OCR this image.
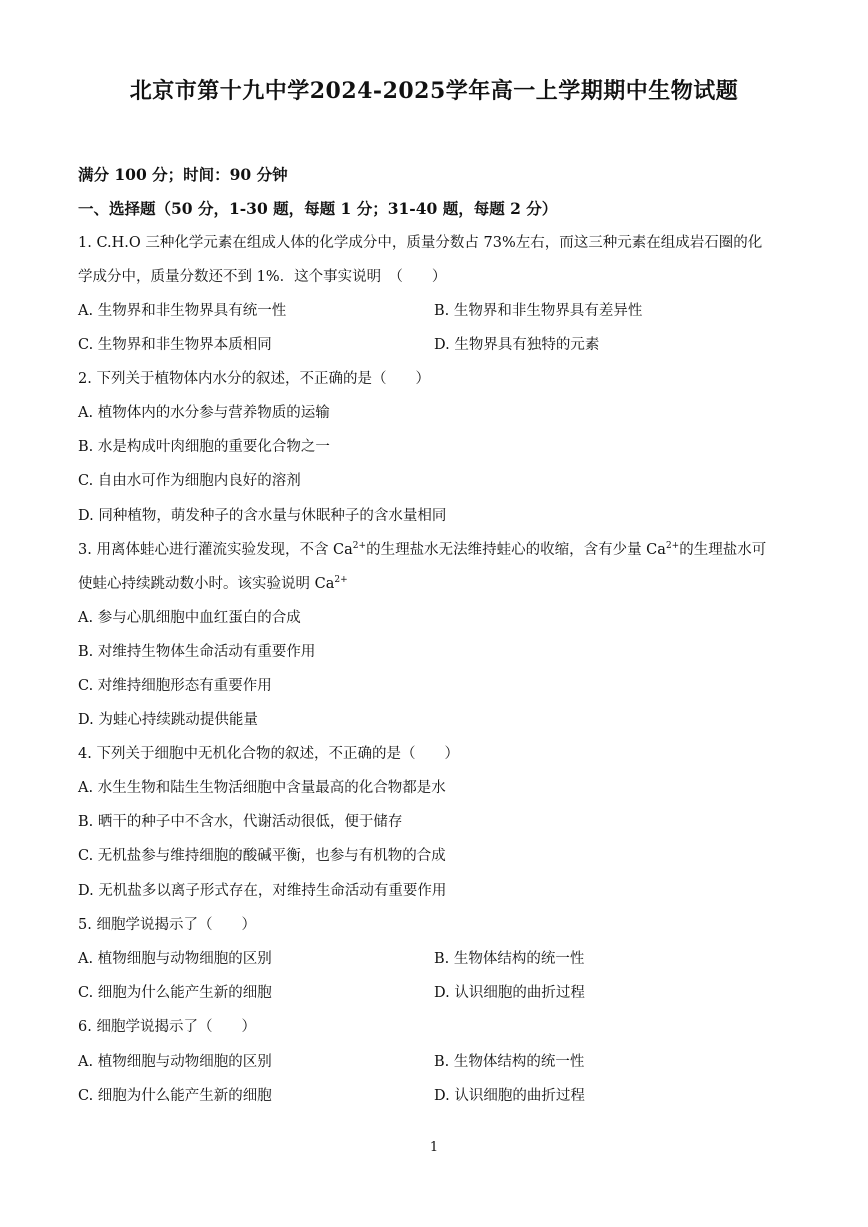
北京市第十九中学2024-2025学年高一上学期期中生物试题
满分 100 分；时间：90 分钟
一、选择题（50 分，1-30 题，每题 1 分；31-40 题，每题 2 分）
1. C.H.O 三种化学元素在组成人体的化学成分中，质量分数占 73%左右，而这三种元素在组成岩石圈的化
学成分中，质量分数还不到 1%．这个事实说明　（　　）
A. 生物界和非生物界具有统一性	B. 生物界和非生物界具有差异性
C. 生物界和非生物界本质相同	D. 生物界具有独特的元素
2. 下列关于植物体内水分的叙述，不正确的是（　　）
A. 植物体内的水分参与营养物质的运输
B. 水是构成叶肉细胞的重要化合物之一
C. 自由水可作为细胞内良好的溶剂
D. 同种植物，萌发种子的含水量与休眠种子的含水量相同
3. 用离体蛙心进行灌流实验发现，不含 $Ca^{2+}$的生理盐水无法维持蛙心的收缩，含有少量 $Ca^{2+}$的生理盐水可
使蛙心持续跳动数小时。该实验说明 $Ca^{2+}$
A. 参与心肌细胞中血红蛋白的合成
B. 对维持生物体生命活动有重要作用
C. 对维持细胞形态有重要作用
D. 为蛙心持续跳动提供能量
4. 下列关于细胞中无机化合物的叙述，不正确的是（　　）
A. 水生生物和陆生生物活细胞中含量最高的化合物都是水
B. 晒干的种子中不含水，代谢活动很低，便于储存
C. 无机盐参与维持细胞的酸碱平衡，也参与有机物的合成
D. 无机盐多以离子形式存在，对维持生命活动有重要作用
5. 细胞学说揭示了（　　）
A. 植物细胞与动物细胞的区别	B. 生物体结构的统一性
C. 细胞为什么能产生新的细胞	D. 认识细胞的曲折过程
6. 细胞学说揭示了（　　）
A. 植物细胞与动物细胞的区别	B. 生物体结构的统一性
C. 细胞为什么能产生新的细胞	D. 认识细胞的曲折过程
1
